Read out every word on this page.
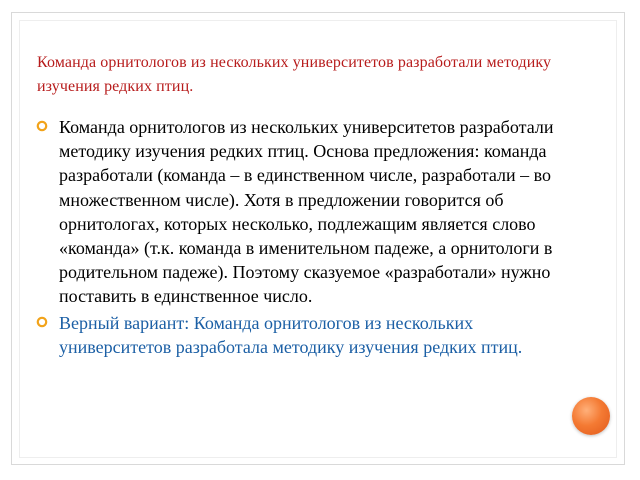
Команда орнитологов из нескольких университетов разработали методику изучения редких птиц.
Команда орнитологов из нескольких университетов разработали методику изучения редких птиц. Основа предложения: команда разработали (команда – в единственном числе, разработали – во множественном числе). Хотя в предложении говорится об орнитологах, которых несколько, подлежащим является слово «команда» (т.к. команда в именительном падеже, а орнитологи в родительном падеже). Поэтому сказуемое «разработали» нужно поставить в единственное число.
Верный вариант: Команда орнитологов из нескольких университетов разработала методику изучения редких птиц.
